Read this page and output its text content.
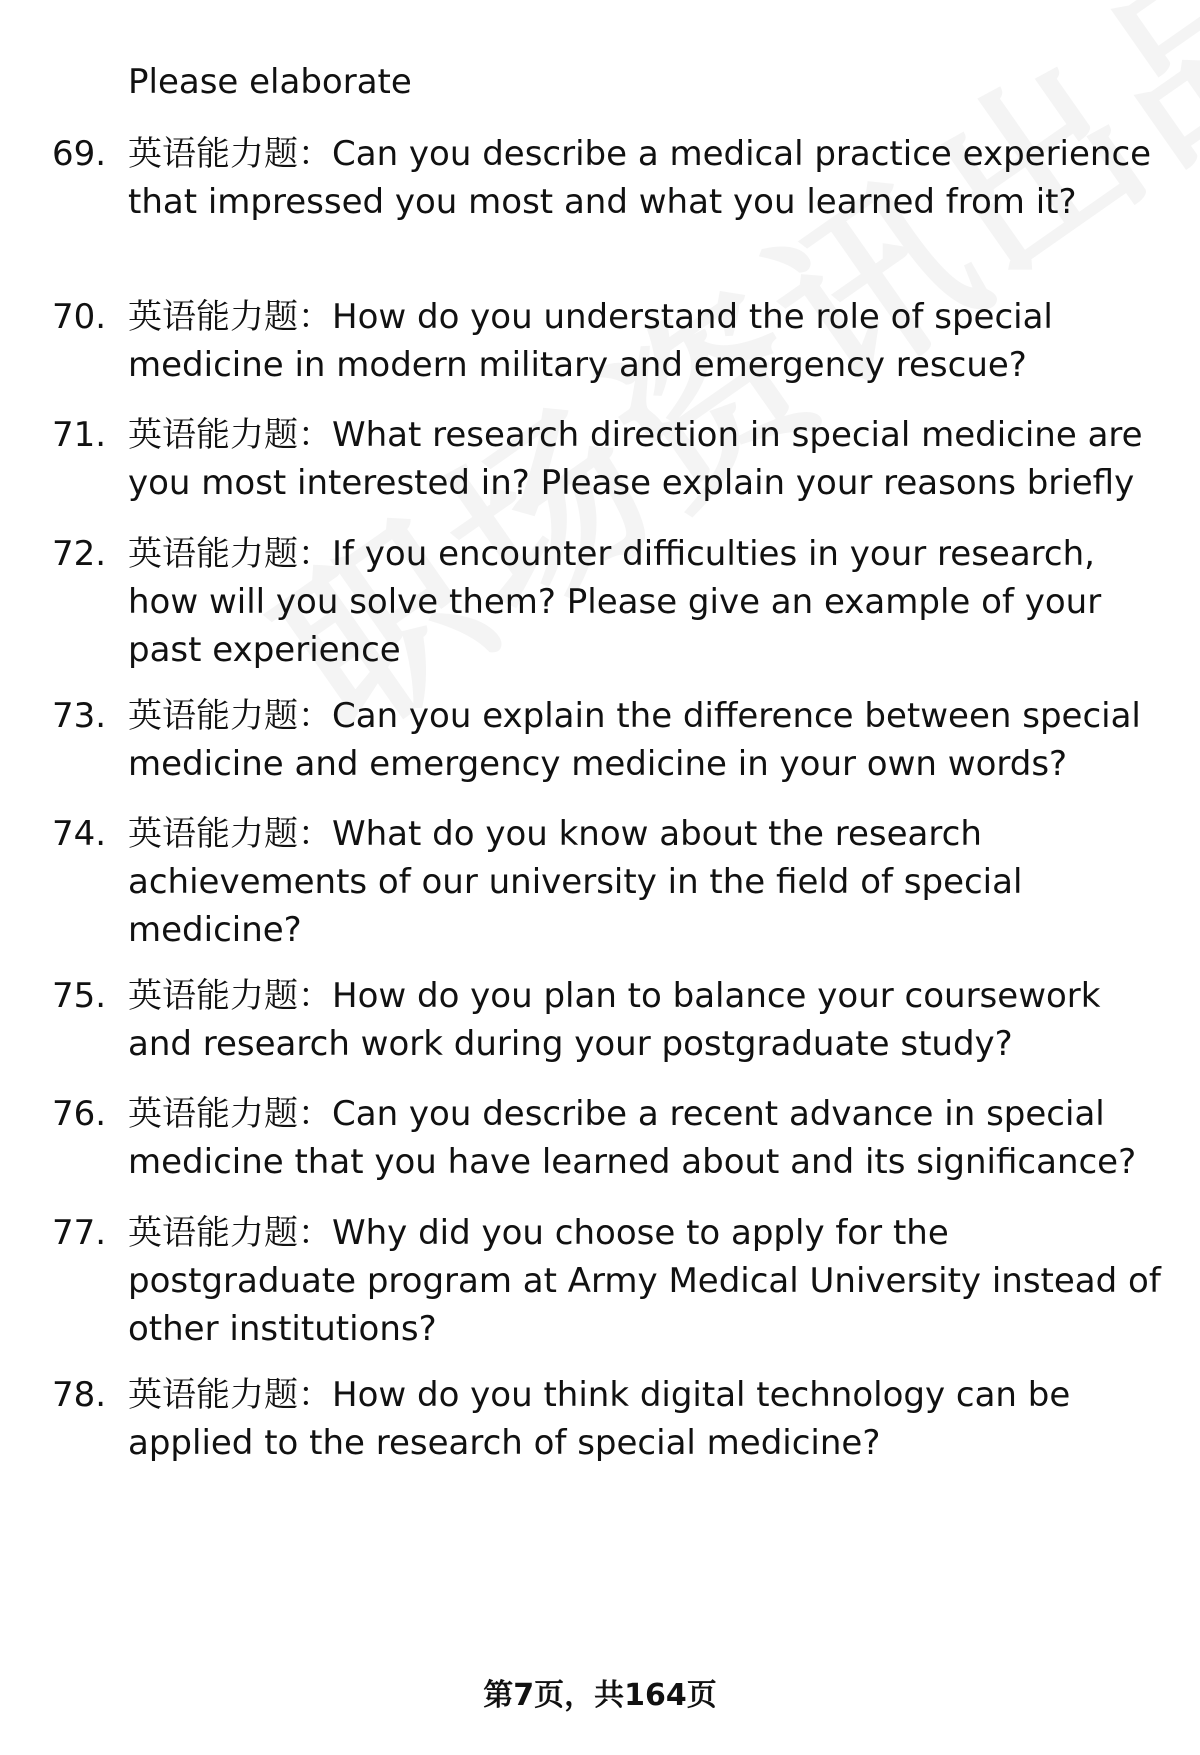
Please elaborate
69. 英语能力题：Can you describe a medical practice experience that impressed you most and what you learned from it?
70. 英语能力题：How do you understand the role of special medicine in modern military and emergency rescue?
71. 英语能力题：What research direction in special medicine are you most interested in? Please explain your reasons briefly
72. 英语能力题：If you encounter difficulties in your research, how will you solve them? Please give an example of your past experience
73. 英语能力题：Can you explain the difference between special medicine and emergency medicine in your own words?
74. 英语能力题：What do you know about the research achievements of our university in the field of special medicine?
75. 英语能力题：How do you plan to balance your coursework and research work during your postgraduate study?
76. 英语能力题：Can you describe a recent advance in special medicine that you have learned about and its significance?
77. 英语能力题：Why did you choose to apply for the postgraduate program at Army Medical University instead of other institutions?
78. 英语能力题：How do you think digital technology can be applied to the research of special medicine?
第7页，共164页
